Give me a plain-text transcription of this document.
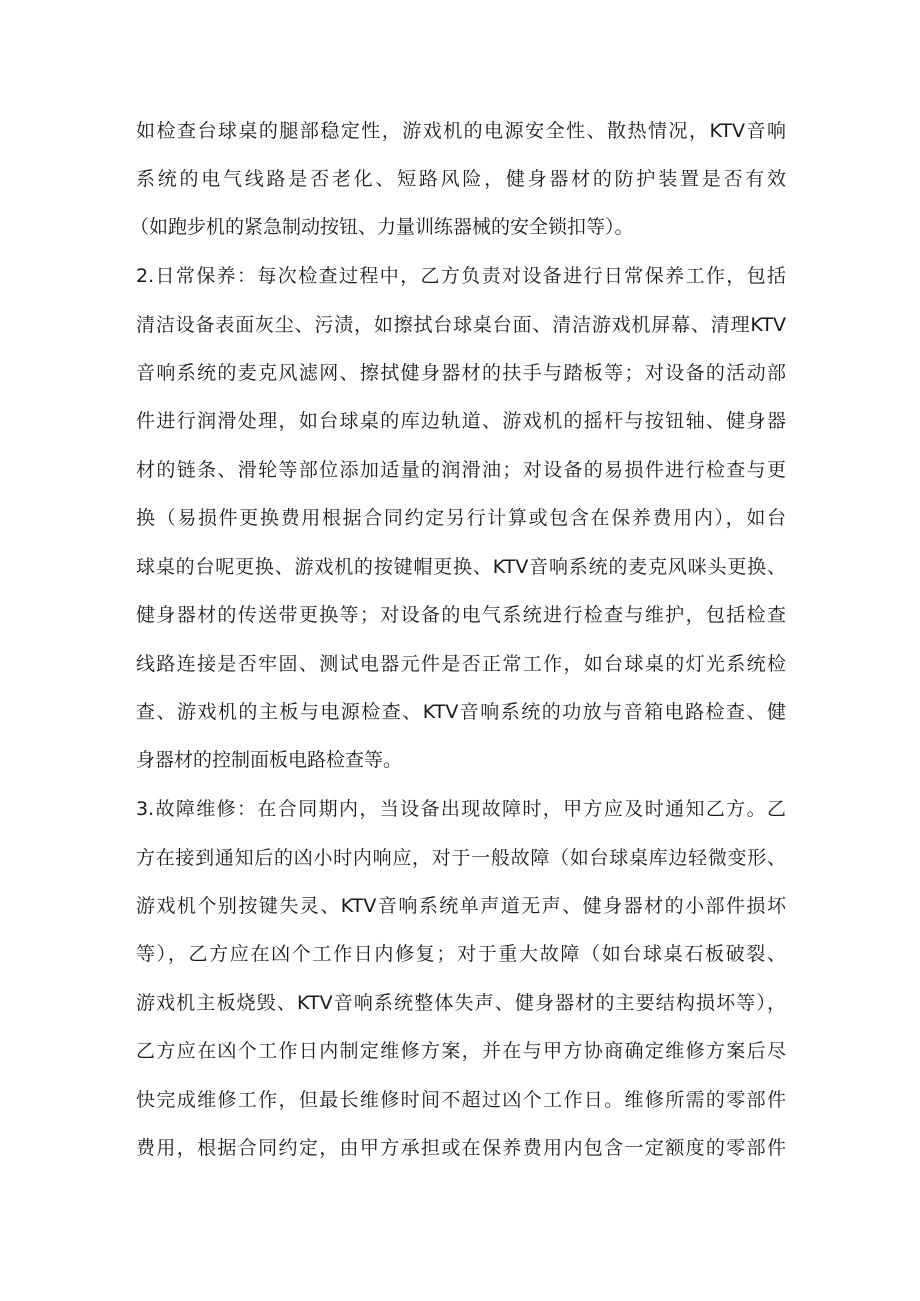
如检查台球桌的腿部稳定性，游戏机的电源安全性、散热情况，KTV音响
系统的电气线路是否老化、短路风险，健身器材的防护装置是否有效
（如跑步机的紧急制动按钮、力量训练器械的安全锁扣等）。
2.日常保养：每次检查过程中，乙方负责对设备进行日常保养工作，包括
清洁设备表面灰尘、污渍，如擦拭台球桌台面、清洁游戏机屏幕、清理KTV
音响系统的麦克风滤网、擦拭健身器材的扶手与踏板等；对设备的活动部
件进行润滑处理，如台球桌的库边轨道、游戏机的摇杆与按钮轴、健身器
材的链条、滑轮等部位添加适量的润滑油；对设备的易损件进行检查与更
换（易损件更换费用根据合同约定另行计算或包含在保养费用内），如台
球桌的台呢更换、游戏机的按键帽更换、KTV音响系统的麦克风咪头更换、
健身器材的传送带更换等；对设备的电气系统进行检查与维护，包括检查
线路连接是否牢固、测试电器元件是否正常工作，如台球桌的灯光系统检
查、游戏机的主板与电源检查、KTV音响系统的功放与音箱电路检查、健
身器材的控制面板电路检查等。
3.故障维修：在合同期内，当设备出现故障时，甲方应及时通知乙方。乙
方在接到通知后的凶小时内响应，对于一般故障（如台球桌库边轻微变形、
游戏机个别按键失灵、KTV音响系统单声道无声、健身器材的小部件损坏
等），乙方应在凶个工作日内修复；对于重大故障（如台球桌石板破裂、
游戏机主板烧毁、KTV音响系统整体失声、健身器材的主要结构损坏等），
乙方应在凶个工作日内制定维修方案，并在与甲方协商确定维修方案后尽
快完成维修工作，但最长维修时间不超过凶个工作日。维修所需的零部件
费用，根据合同约定，由甲方承担或在保养费用内包含一定额度的零部件
